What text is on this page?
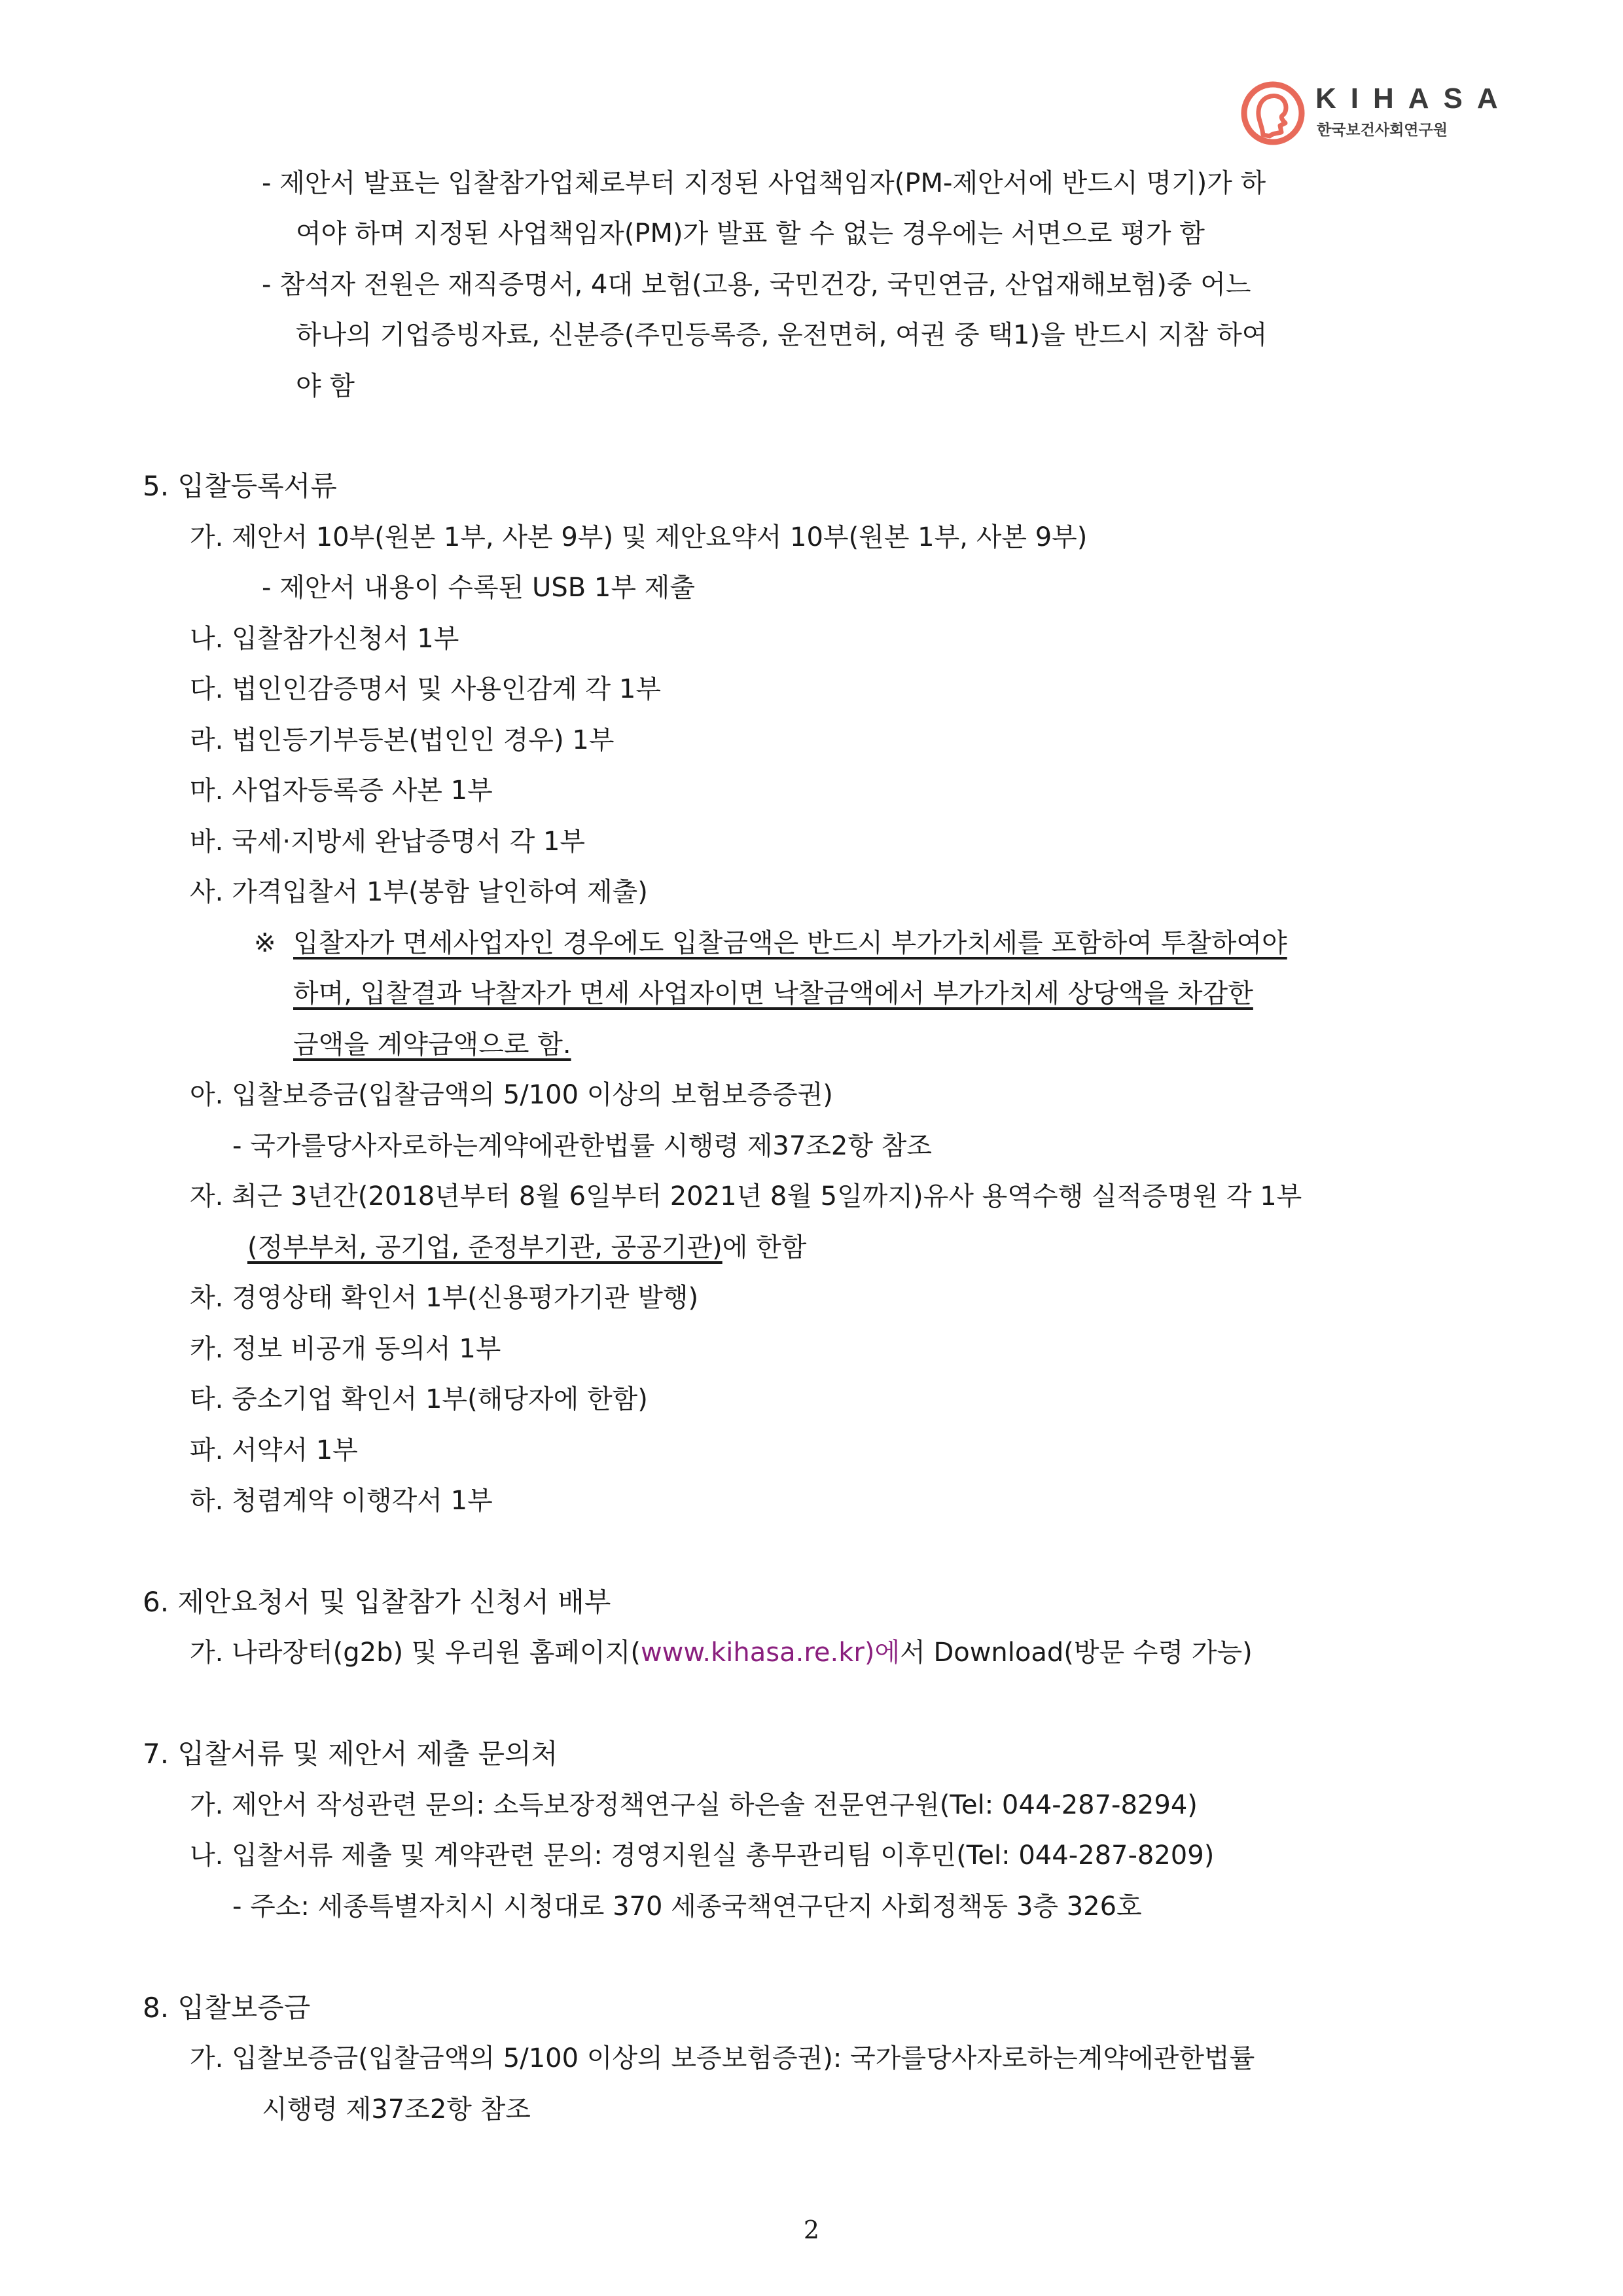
KIHASA
한국보건사회연구원
- 제안서 발표는 입찰참가업체로부터 지정된 사업책임자(PM-제안서에 반드시 명기)가 하
여야 하며 지정된 사업책임자(PM)가 발표 할 수 없는 경우에는 서면으로 평가 함
- 참석자 전원은 재직증명서, 4대 보험(고용, 국민건강, 국민연금, 산업재해보험)중 어느
하나의 기업증빙자료, 신분증(주민등록증, 운전면허, 여권 중 택1)을 반드시 지참 하여
야 함
5. 입찰등록서류
가. 제안서 10부(원본 1부, 사본 9부) 및 제안요약서 10부(원본 1부, 사본 9부)
- 제안서 내용이 수록된 USB 1부 제출
나. 입찰참가신청서 1부
다. 법인인감증명서 및 사용인감계 각 1부
라. 법인등기부등본(법인인 경우) 1부
마. 사업자등록증 사본 1부
바. 국세·지방세 완납증명서 각 1부
사. 가격입찰서 1부(봉함 날인하여 제출)
※ 입찰자가 면세사업자인 경우에도 입찰금액은 반드시 부가가치세를 포함하여 투찰하여야
하며, 입찰결과 낙찰자가 면세 사업자이면 낙찰금액에서 부가가치세 상당액을 차감한
금액을 계약금액으로 함.
아. 입찰보증금(입찰금액의 5/100 이상의 보험보증증권)
- 국가를당사자로하는계약에관한법률 시행령 제37조2항 참조
자. 최근 3년간(2018년부터 8월 6일부터 2021년 8월 5일까지)유사 용역수행 실적증명원 각 1부
(정부부처, 공기업, 준정부기관, 공공기관)에 한함
차. 경영상태 확인서 1부(신용평가기관 발행)
카. 정보 비공개 동의서 1부
타. 중소기업 확인서 1부(해당자에 한함)
파. 서약서 1부
하. 청렴계약 이행각서 1부
6. 제안요청서 및 입찰참가 신청서 배부
가. 나라장터(g2b) 및 우리원 홈페이지(www.kihasa.re.kr)에서 Download(방문 수령 가능)
7. 입찰서류 및 제안서 제출 문의처
가. 제안서 작성관련 문의: 소득보장정책연구실 하은솔 전문연구원(Tel: 044-287-8294)
나. 입찰서류 제출 및 계약관련 문의: 경영지원실 총무관리팀 이후민(Tel: 044-287-8209)
- 주소: 세종특별자치시 시청대로 370 세종국책연구단지 사회정책동 3층 326호
8. 입찰보증금
가. 입찰보증금(입찰금액의 5/100 이상의 보증보험증권): 국가를당사자로하는계약에관한법률
시행령 제37조2항 참조
2
